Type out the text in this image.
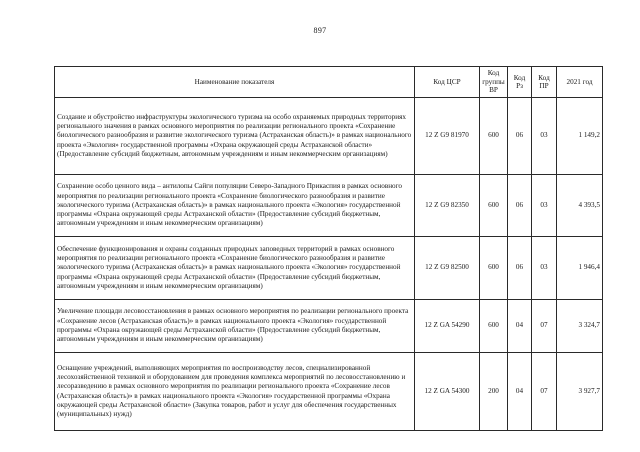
897
Наименование показателя	Код ЦСР	Код группы ВР	Код Рз	Код ПР	2021 год
Создание и обустройство инфраструктуры экологического туризма на особо охраняемых природных территориях регионального значения в рамках основного мероприятия по реализации регионального проекта «Сохранение биологического разнообразия и развитие экологического туризма (Астраханская область)» в рамках национального проекта «Экология» государственной программы «Охрана окружающей среды Астраханской области» (Предоставление субсидий бюджетным, автономным учреждениям и иным некоммерческим организациям)	12 Z G9 81970	600	06	03	1 149,2
Сохранение особо ценного вида – антилопы Сайги популяции Северо-Западного Прикаспия в рамках основного мероприятия по реализации регионального проекта «Сохранение биологического разнообразия и развитие экологического туризма (Астраханская область)» в рамках национального проекта «Экология» государственной программы «Охрана окружающей среды Астраханской области» (Предоставление субсидий бюджетным, автономным учреждениям и иным некоммерческим организациям)	12 Z G9 82350	600	06	03	4 393,5
Обеспечение функционирования и охраны созданных природных заповедных территорий в рамках основного мероприятия по реализации регионального проекта «Сохранение биологического разнообразия и развитие экологического туризма (Астраханская область)» в рамках национального проекта «Экология» государственной программы «Охрана окружающей среды Астраханской области» (Предоставление субсидий бюджетным, автономным учреждениям и иным некоммерческим организациям)	12 Z G9 82500	600	06	03	1 946,4
Увеличение площади лесовосстановления в рамках основного мероприятия по реализации регионального проекта «Сохранение лесов (Астраханская область)» в рамках национального проекта «Экология» государственной программы «Охрана окружающей среды Астраханской области» (Предоставление субсидий бюджетным, автономным учреждениям и иным некоммерческим организациям)	12 Z GA 54290	600	04	07	3 324,7
Оснащение учреждений, выполняющих мероприятия по воспроизводству лесов, специализированной лесохозяйственной техникой и оборудованием для проведения комплекса мероприятий по лесовосстановлению и лесоразведению в рамках основного мероприятия по реализации регионального проекта «Сохранение лесов (Астраханская область)» в рамках национального проекта «Экология» государственной программы «Охрана окружающей среды Астраханской области» (Закупка товаров, работ и услуг для обеспечения государственных (муниципальных) нужд)	12 Z GA 54300	200	04	07	3 927,7
